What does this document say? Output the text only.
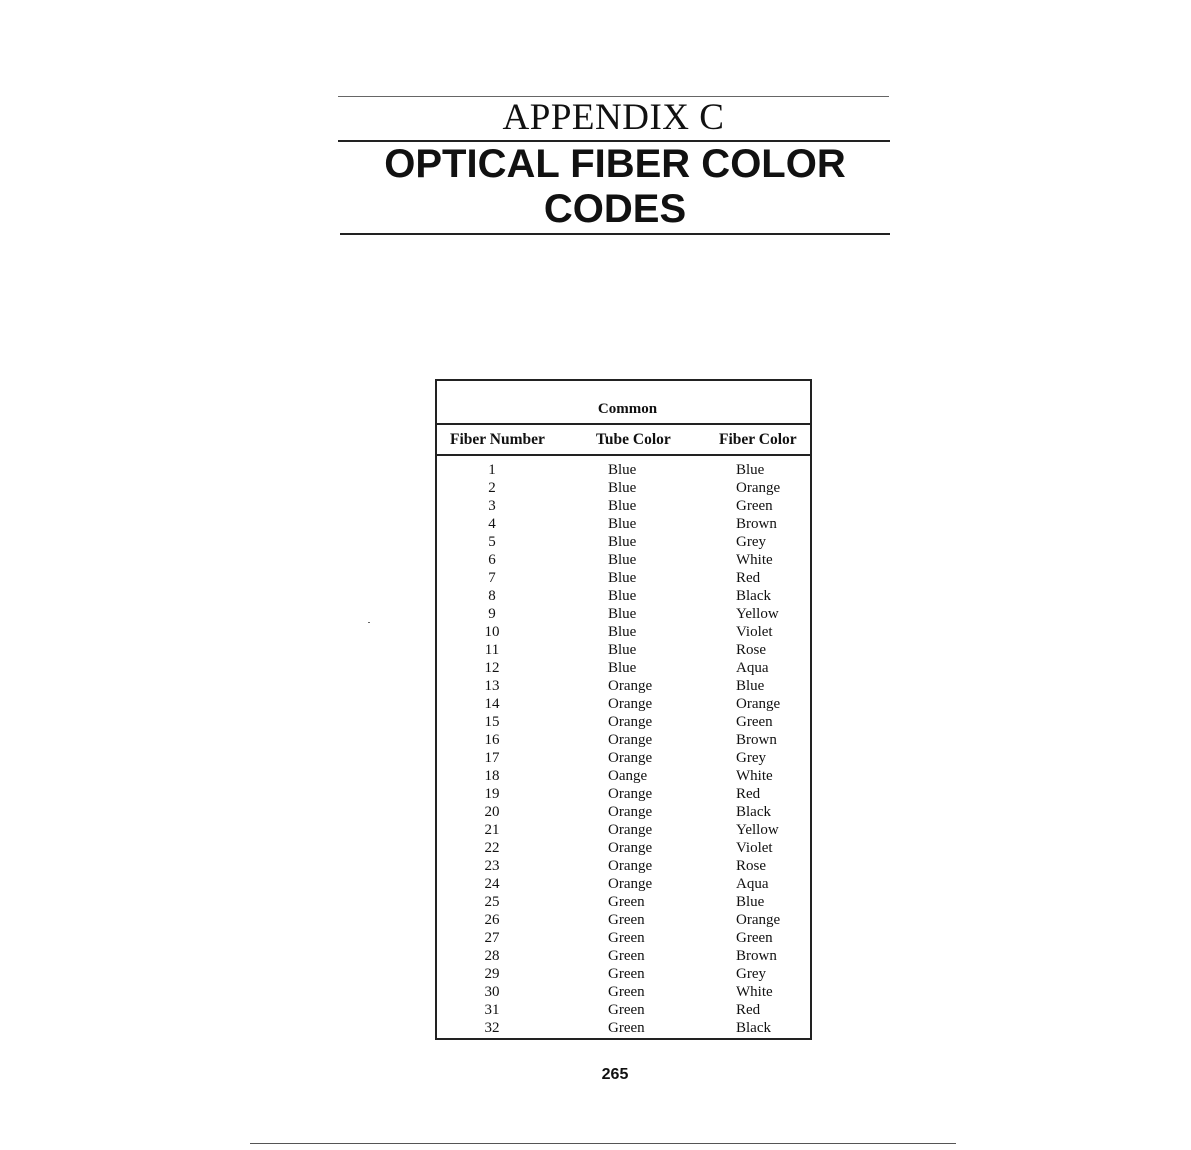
APPENDIX C
OPTICAL FIBER COLOR CODES
Common
Fiber Number	Tube Color	Fiber Color
1	Blue	Blue
2	Blue	Orange
3	Blue	Green
4	Blue	Brown
5	Blue	Grey
6	Blue	White
7	Blue	Red
8	Blue	Black
9	Blue	Yellow
10	Blue	Violet
11	Blue	Rose
12	Blue	Aqua
13	Orange	Blue
14	Orange	Orange
15	Orange	Green
16	Orange	Brown
17	Orange	Grey
18	Oange	White
19	Orange	Red
20	Orange	Black
21	Orange	Yellow
22	Orange	Violet
23	Orange	Rose
24	Orange	Aqua
25	Green	Blue
26	Green	Orange
27	Green	Green
28	Green	Brown
29	Green	Grey
30	Green	White
31	Green	Red
32	Green	Black
265
